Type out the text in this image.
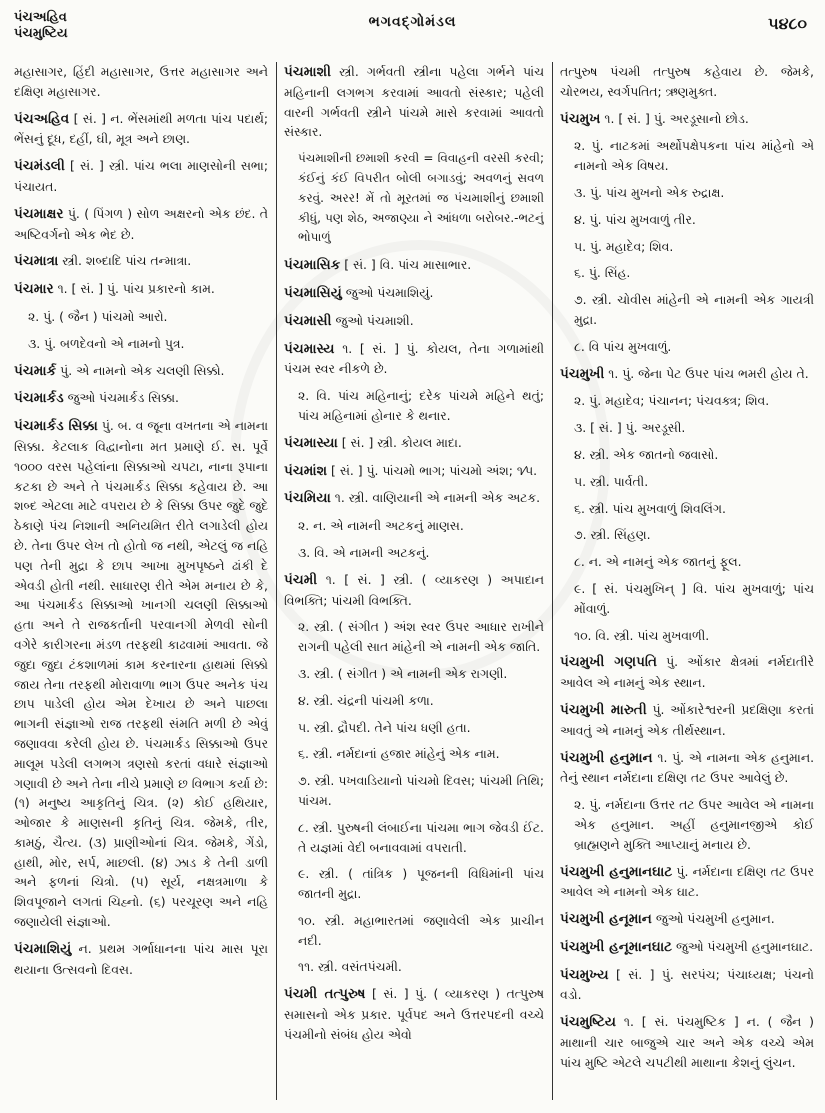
પંચઅહિવ
પંચમુષ્ટિય
ભગવદ્ગોમંડલ	૫૪૮૦

મહાસાગર, હિંદી મહાસાગર, ઉત્તર મહાસાગર અને દક્ષિણ મહાસાગર.

પંચઅહિવ [ સં. ] ન. ભેંસમાંથી મળતા પાંચ પદાર્થ; ભેંસનું દૂધ, દહીં, ઘી, મૂત્ર અને છાણ.

પંચમંડલી [ સં. ] સ્ત્રી. પાંચ ભલા માણસોની સભા; પંચાયત.

પંચમાક્ષર પું. ( પિંગળ ) સોળ અક્ષરનો એક છંદ. તે અષ્ટિવર્ગનો એક ભેદ છે.

પંચમાત્રા સ્ત્રી. શબ્દાદિ પાંચ તન્માત્રા.

પંચમાર ૧. [ સં. ] પું. પાંચ પ્રકારનો કામ.

૨. પું. ( જૈન ) પાંચમો આરો.

૩. પું. બળદેવનો એ નામનો પુત્ર.

પંચમાર્ક પું. એ નામનો એક ચલણી સિક્કો.

પંચમાર્કડ જુઓ પંચમાર્કડ સિક્કા.

પંચમાર્કડ સિક્કા પું. બ. વ જૂના વખતના એ નામના સિક્કા. કેટલાક વિદ્વાનોના મત પ્રમાણે ઈ. સ. પૂર્વે ૧૦૦૦ વરસ પહેલાંના સિક્કાઓ ચપટા, નાના રૂપાના કટકા છે અને તે પંચમાર્કડ સિક્કા કહેવાય છે. આ શબ્દ એટલા માટે વપરાય છે કે સિક્કા ઉપર જુદે જુદે ઠેકાણે પંચ નિશાની અનિયમિત રીતે લગાડેલી હોય છે. તેના ઉપર લેખ તો હોતો જ નથી, એટલું જ નહિ પણ તેની મુદ્રા કે છાપ આખા મુખપૃષ્ઠને ઢાંકી દે એવડી હોતી નથી. સાધારણ રીતે એમ મનાય છે કે, આ પંચમાર્કડ સિક્કાઓ ખાનગી ચલણી સિક્કાઓ હતા અને તે રાજકર્તાની પરવાનગી મેળવી સોની વગેરે કારીગરના મંડળ તરફથી કાઢવામાં આવતા. જે જુદા જુદા ટંકશાળમાં કામ કરનારના હાથમાં સિક્કો જાય તેના તરફથી મોરાવાળા ભાગ ઉપર અનેક પંચ છાપ પાડેલી હોય એમ દેખાય છે અને પાછલા ભાગની સંજ્ઞાઓ રાજ તરફથી સંમતિ મળી છે એવું જણાવવા કરેલી હોય છે. પંચમાર્કડ સિક્કાઓ ઉપર માલૂમ પડેલી લગભગ ત્રણસો કરતાં વધારે સંજ્ઞાઓ ગણાવી છે અને તેના નીચે પ્રમાણે છ વિભાગ કર્યા છે: (૧) મનુષ્ય આકૃતિનું ચિત્ર. (૨) કોઈ હથિયાર, ઓજાર કે માણસની કૃતિનું ચિત્ર. જેમકે, તીર, કામઠું, ચૈત્ય. (૩) પ્રાણીઓનાં ચિત્ર. જેમકે, ગેંડો, હાથી, મોર, સર્પ, માછલી. (૪) ઝાડ કે તેની ડાળી અને ફળનાં ચિત્રો. (૫) સૂર્ય, નક્ષત્રમાળા કે શિવપૂજાને લગતાં ચિહ્નો. (૬) પરચૂરણ અને નહિ જણાયેલી સંજ્ઞાઓ.

પંચમાશિયું ન. પ્રથમ ગર્ભાધાનના પાંચ માસ પૂરા થયાના ઉત્સવનો દિવસ.

પંચમાશી સ્ત્રી. ગર્ભવતી સ્ત્રીના પહેલા ગર્ભને પાંચ મહિનાની લગભગ કરવામાં આવતો સંસ્કાર; પહેલી વારની ગર્ભવતી સ્ત્રીને પાંચમે માસે કરવામાં આવતો સંસ્કાર.

પંચમાશીની છમાશી કરવી = વિવાહની વરસી કરવી; કંઈનું કંઈ વિપરીત બોલી બગાડવું; અવળનું સવળ કરવું. અરર! મેં તો મૂરતમાં જ પંચમાશીનું છમાશી કીધું, પણ શેઠ, અજાણ્યા ને આંધળા બરોબર.-ભટનું ભોપાળું

પંચમાસિક [ સં. ] વિ. પાંચ માસાભાર.

પંચમાસિયું જુઓ પંચમાશિયું.

પંચમાસી જુઓ પંચમાશી.

પંચમાસ્ય ૧. [ સં. ] પું. કોયલ, તેના ગળામાંથી પંચમ સ્વર નીકળે છે.

૨. વિ. પાંચ મહિનાનું; દરેક પાંચમે મહિને થતું; પાંચ મહિનામાં હોનાર કે થનાર.

પંચમાસ્યા [ સં. ] સ્ત્રી. કોયલ માદા.

પંચમાંશ [ સં. ] પું. પાંચમો ભાગ; પાંચમો અંશ; ૧⁄૫.

પંચમિયા ૧. સ્ત્રી. વાણિયાની એ નામની એક અટક.

૨. ન. એ નામની અટકનું માણસ.

૩. વિ. એ નામની અટકનું.

પંચમી ૧. [ સં. ] સ્ત્રી. ( વ્યાકરણ ) અપાદાન વિભક્તિ; પાંચમી વિભક્તિ.

૨. સ્ત્રી. ( સંગીત ) અંશ સ્વર ઉપર આધાર રાખીને રાગની પહેલી સાત માંહેની એ નામની એક જાતિ.

૩. સ્ત્રી. ( સંગીત ) એ નામની એક રાગણી.

૪. સ્ત્રી. ચંદ્રની પાંચમી કળા.

૫. સ્ત્રી. દ્રૌપદી. તેને પાંચ ધણી હતા.

૬. સ્ત્રી. નર્મદાનાં હજાર માંહેનું એક નામ.

૭. સ્ત્રી. પખવાડિયાનો પાંચમો દિવસ; પાંચમી તિથિ; પાંચમ.

૮. સ્ત્રી. પુરુષની લંબાઈના પાંચમા ભાગ જેવડી ઈંટ. તે યજ્ઞમાં વેદી બનાવવામાં વપરાતી.

૯. સ્ત્રી. ( તાંત્રિક ) પૂજનની વિધિમાંની પાંચ જાતની મુદ્રા.

૧૦. સ્ત્રી. મહાભારતમાં જણાવેલી એક પ્રાચીન નદી.

૧૧. સ્ત્રી. વસંતપંચમી.

પંચમી તત્પુરુષ [ સં. ] પું. ( વ્યાકરણ ) તત્પુરુષ સમાસનો એક પ્રકાર. પૂર્વપદ અને ઉત્તરપદની વચ્ચે પંચમીનો સંબંધ હોય એવો

તત્પુરુષ પંચમી તત્પુરુષ કહેવાય છે. જેમકે, ચોરભય, સ્વર્ગપતિત; ઋણમુક્ત.

પંચમુખ ૧. [ સં. ] પું. અરડૂસાનો છોડ.

૨. પું. નાટકમાં અર્થોપક્ષેપકના પાંચ માંહેનો એ નામનો એક વિષય.

૩. પું. પાંચ મુખનો એક રુદ્રાક્ષ.

૪. પું. પાંચ મુખવાળું તીર.

૫. પું. મહાદેવ; શિવ.

૬. પું. સિંહ.

૭. સ્ત્રી. ચોવીસ માંહેની એ નામની એક ગાયત્રી મુદ્રા.

૮. વિ પાંચ મુખવાળું.

પંચમુખી ૧. પું. જેના પેટ ઉપર પાંચ ભમરી હોય તે.

૨. પું. મહાદેવ; પંચાનન; પંચવક્ત્ર; શિવ.

૩. [ સં. ] પું. અરડૂસી.

૪. સ્ત્રી. એક જાતનો જવાસો.

૫. સ્ત્રી. પાર્વતી.

૬. સ્ત્રી. પાંચ મુખવાળું શિવલિંગ.

૭. સ્ત્રી. સિંહણ.

૮. ન. એ નામનું એક જાતનું ફૂલ.

૯. [ સં. પંચમુખિન્ ] વિ. પાંચ મુખવાળું; પાંચ મોંવાળું.

૧૦. વિ. સ્ત્રી. પાંચ મુખવાળી.

પંચમુખી ગણપતિ પું. ઓંકાર ક્ષેત્રમાં નર્મદાતીરે આવેલ એ નામનું એક સ્થાન.

પંચમુખી મારુતી પું. ઓંકારેશ્વરની પ્રદક્ષિણા કરતાં આવતું એ નામનું એક તીર્થસ્થાન.

પંચમુખી હનુમાન ૧. પું. એ નામના એક હનુમાન. તેનું સ્થાન નર્મદાના દક્ષિણ તટ ઉપર આવેલું છે.

૨. પું. નર્મદાના ઉત્તર તટ ઉપર આવેલ એ નામના એક હનુમાન. અહીં હનુમાનજીએ કોઈ બ્રાહ્મણને મુક્તિ આપ્યાનું મનાય છે.

પંચમુખી હનુમાનઘાટ પું. નર્મદાના દક્ષિણ તટ ઉપર આવેલ એ નામનો એક ઘાટ.

પંચમુખી હનૂમાન જુઓ પંચમુખી હનુમાન.

પંચમુખી હનૂમાનઘાટ જુઓ પંચમુખી હનુમાનઘાટ.

પંચમુખ્ય [ સં. ] પું. સરપંચ; પંચાધ્યક્ષ; પંચનો વડો.

પંચમુષ્ટિય ૧. [ સં. પંચમુષ્ટિક ] ન. ( જૈન ) માથાની ચાર બાજુએ ચાર અને એક વચ્ચે એમ પાંચ મુષ્ટિ એટલે ચપટીથી માથાના કેશનું લુંચન.
